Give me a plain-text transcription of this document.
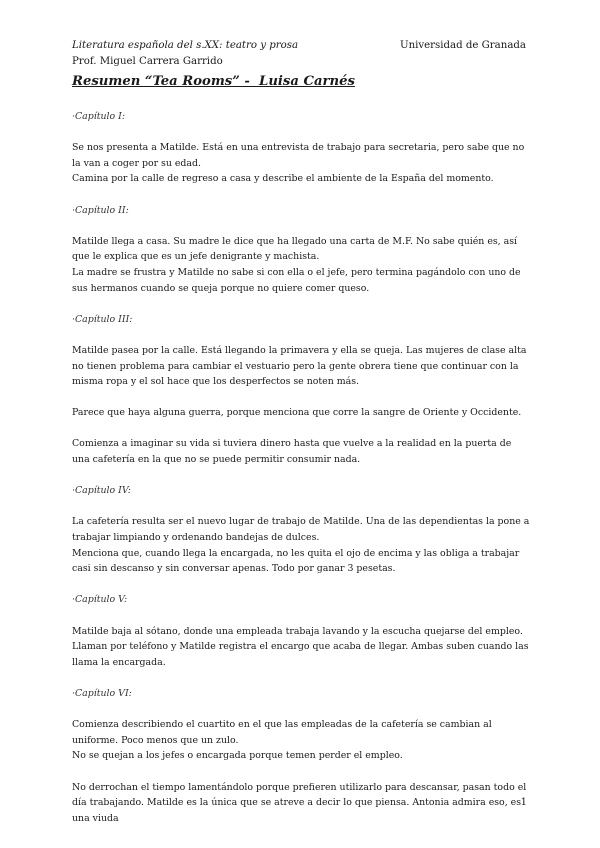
Literatura española del s.XX: teatro y prosa
Prof. Miguel Carrera Garrido
Universidad de Granada
Resumen “Tea Rooms” -  Luisa Carnés
·Capítulo I:
Se nos presenta a Matilde. Está en una entrevista de trabajo para secretaria, pero sabe que no la van a coger por su edad.
Camina por la calle de regreso a casa y describe el ambiente de la España del momento.
·Capítulo II:
Matilde llega a casa. Su madre le dice que ha llegado una carta de M.F. No sabe quién es, así que le explica que es un jefe denigrante y machista.
La madre se frustra y Matilde no sabe si con ella o el jefe, pero termina pagándolo con uno de sus hermanos cuando se queja porque no quiere comer queso.
·Capítulo III:
Matilde pasea por la calle. Está llegando la primavera y ella se queja. Las mujeres de clase alta no tienen problema para cambiar el vestuario pero la gente obrera tiene que continuar con la misma ropa y el sol hace que los desperfectos se noten más.
Parece que haya alguna guerra, porque menciona que corre la sangre de Oriente y Occidente.
Comienza a imaginar su vida si tuviera dinero hasta que vuelve a la realidad en la puerta de una cafetería en la que no se puede permitir consumir nada.
·Capítulo IV:
La cafetería resulta ser el nuevo lugar de trabajo de Matilde. Una de las dependientas la pone a trabajar limpiando y ordenando bandejas de dulces.
Menciona que, cuando llega la encargada, no les quita el ojo de encima y las obliga a trabajar casi sin descanso y sin conversar apenas. Todo por ganar 3 pesetas.
·Capítulo V:
Matilde baja al sótano, donde una empleada trabaja lavando y la escucha quejarse del empleo. Llaman por teléfono y Matilde registra el encargo que acaba de llegar. Ambas suben cuando las llama la encargada.
·Capítulo VI:
Comienza describiendo el cuartito en el que las empleadas de la cafetería se cambian al uniforme. Poco menos que un zulo.
No se quejan a los jefes o encargada porque temen perder el empleo.
No derrochan el tiempo lamentándolo porque prefieren utilizarlo para descansar, pasan todo el día trabajando. Matilde es la única que se atreve a decir lo que piensa. Antonia admira eso, es una viuda
1
